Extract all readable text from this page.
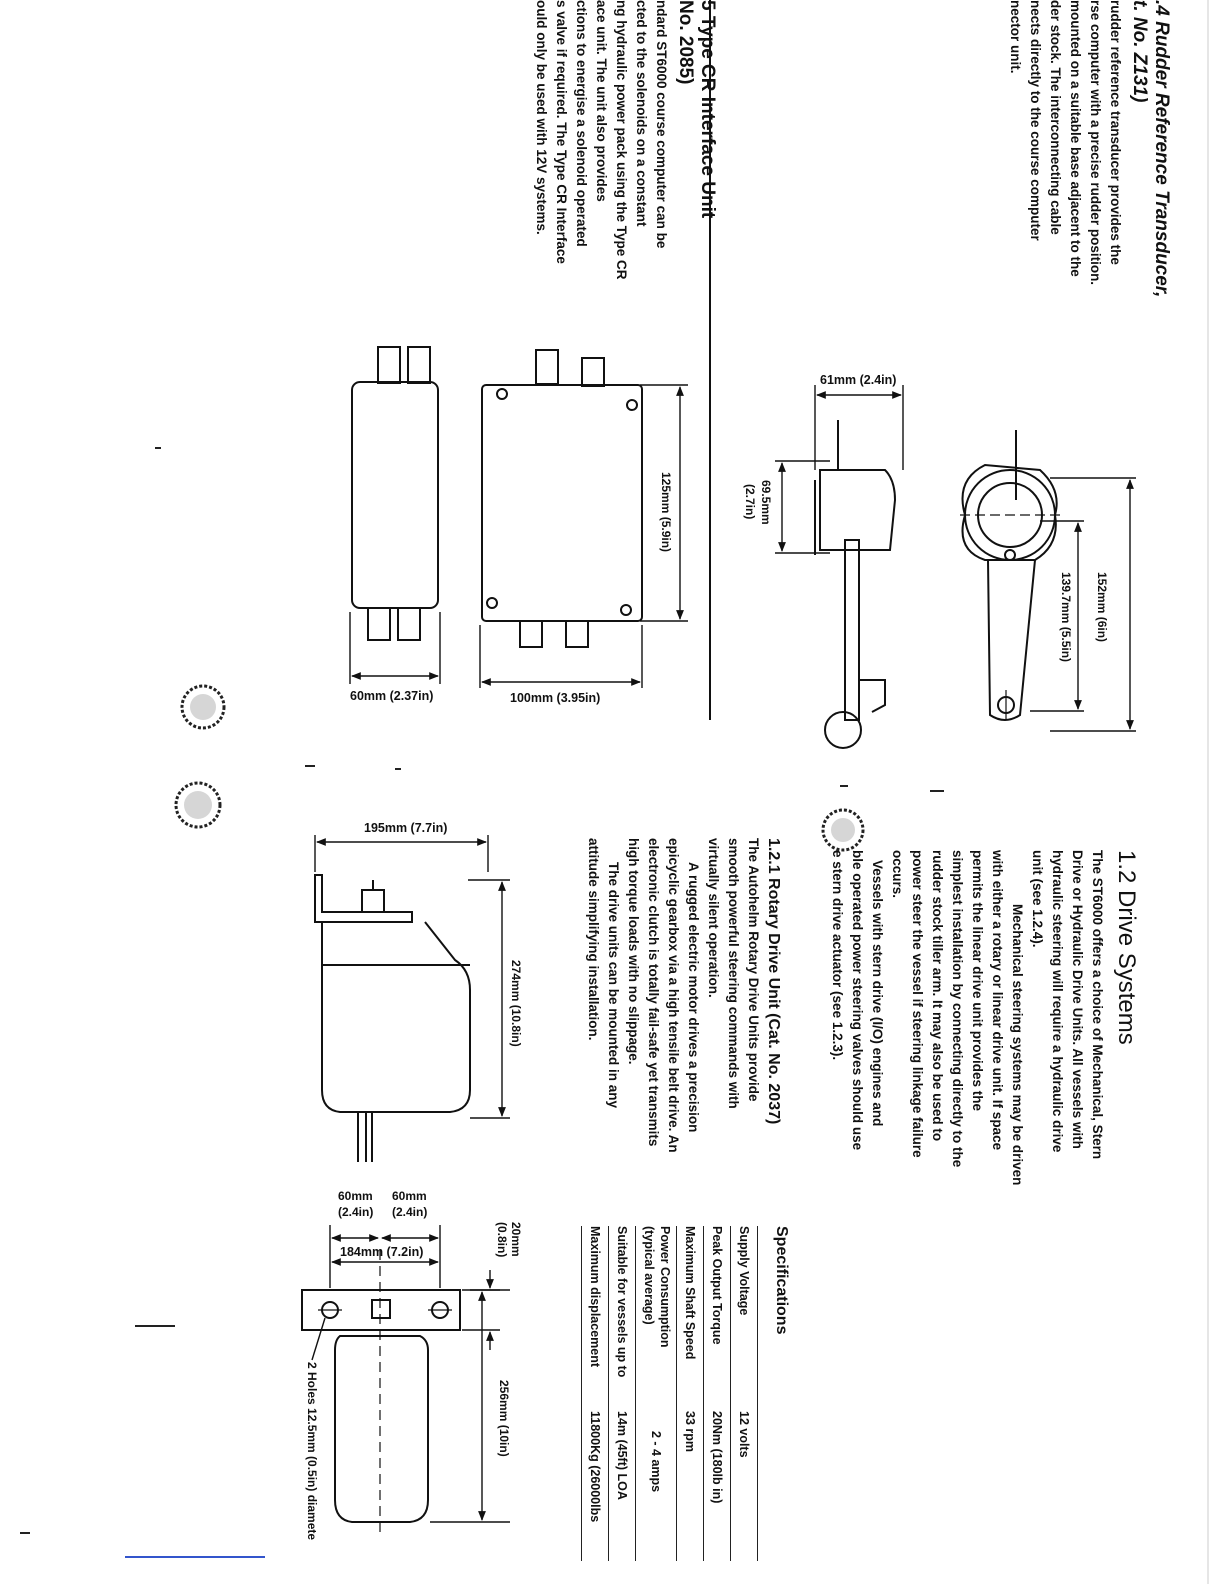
.4 Rudder Reference Transducer,
t. No. Z131)
rudder reference transducer provides the
rse computer with a precise rudder position.
mounted on a suitable base adjacent to the
der stock. The interconnecting cable
nects directly to the course computer
nector unit.
5 Type CR Interface Unit
No. 2085)
ndard ST6000 course computer can be
cted to the solenoids on a constant
ng hydraulic power pack using the Type CR
ace unit. The unit also provides
ctions to energise a solenoid operated
s valve if required. The Type CR Interface
ould only be used with 12V systems.
1.2 Drive Systems
The ST6000 offers a choice of Mechanical, Stern
Drive or Hydraulic Drive Units. All vessels with
hydraulic steering will require a hydraulic drive
unit (see 1.2.4).
Mechanical steering systems may be driven
with either a rotary or linear drive unit. If space
permits the linear drive unit provides the
simplest installation by connecting directly to the
rudder stock tiller arm. It may also be used to
power steer the vessel if steering linkage failure
occurs.
Vessels with stern drive (I/O) engines and
ble operated power steering valves should use
e stern drive actuator (see 1.2.3).
1.2.1 Rotary Drive Unit (Cat. No. 2037)
The Autohelm Rotary Drive Units provide
smooth powerful steering commands with
virtually silent operation.
A rugged electric motor drives a precision
epicyclic gearbox via a high tensile belt drive. An
electronic clutch is totally fail-safe yet transmits
high torque loads with no slippage.
The drive units can be mounted in any
attitude simplifying installation.
Specifications
Supply Voltage
12 volts
Peak Output Torque
20Nm (180lb in)
Maximum Shaft Speed
33 rpm
Power Consumption
(typical average)
2 - 4 amps
Suitable for vessels up to
14m (45ft) LOA
Maximum displacement
11800Kg (26000lbs
152mm (6in)
139.7mm (5.5in)
61mm (2.4in)
69.5mm
(2.7in)
125mm (5.9in)
100mm (3.95in)
60mm (2.37in)
195mm (7.7in)
274mm (10.8in)
60mm
(2.4in)
60mm
(2.4in)
184mm (7.2in)	20mm
(0.8in)
256mm (10in)
2 Holes 12.5mm (0.5in) diamete
